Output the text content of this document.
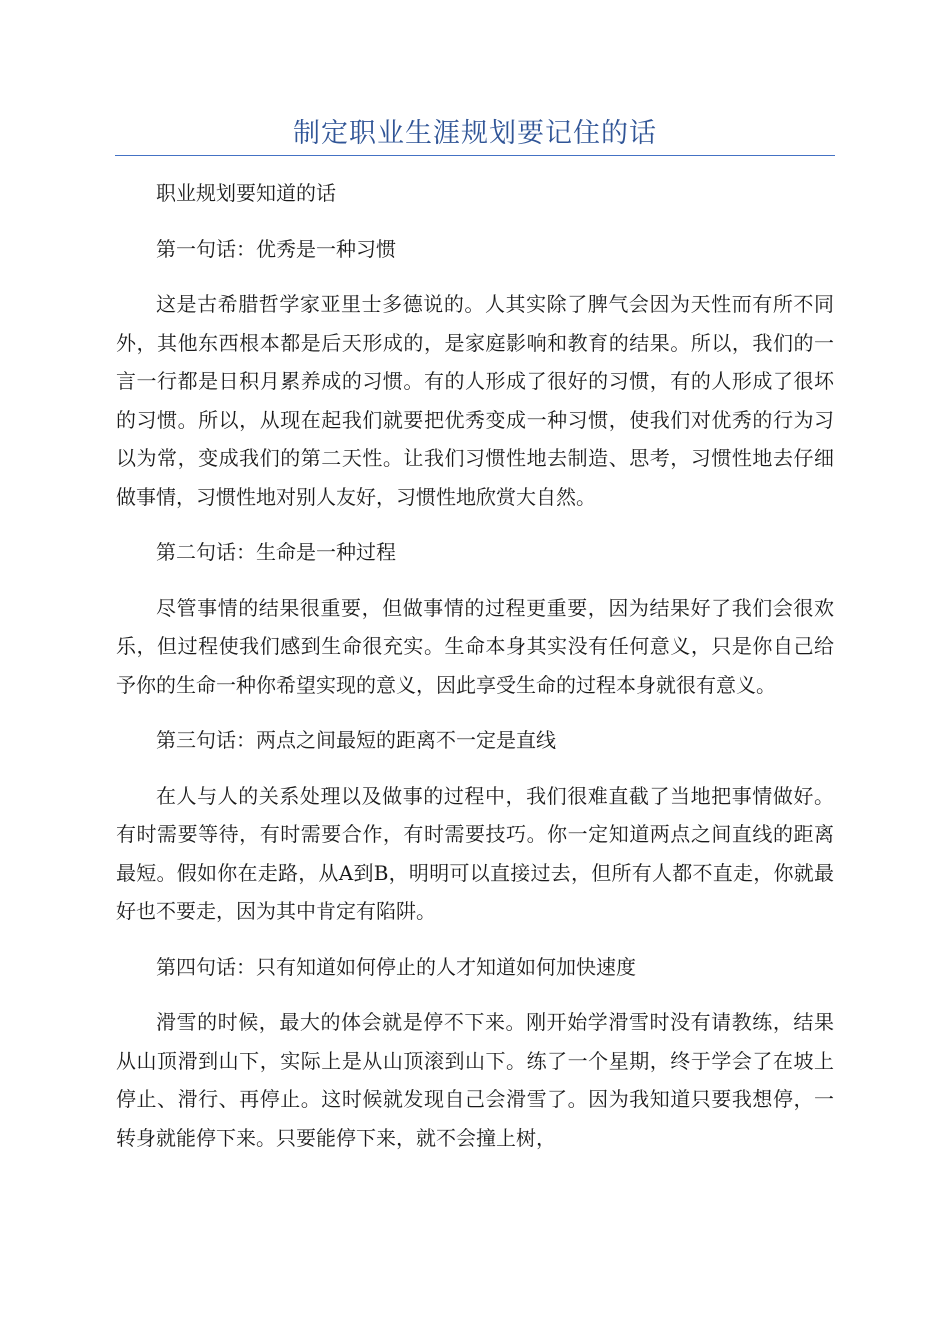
制定职业生涯规划要记住的话

职业规划要知道的话

第一句话：优秀是一种习惯

这是古希腊哲学家亚里士多德说的。人其实除了脾气会因为天性而有所不同外，其他东西根本都是后天形成的，是家庭影响和教育的结果。所以，我们的一言一行都是日积月累养成的习惯。有的人形成了很好的习惯，有的人形成了很坏的习惯。所以，从现在起我们就要把优秀变成一种习惯，使我们对优秀的行为习以为常，变成我们的第二天性。让我们习惯性地去制造、思考，习惯性地去仔细做事情，习惯性地对别人友好，习惯性地欣赏大自然。

第二句话：生命是一种过程

尽管事情的结果很重要，但做事情的过程更重要，因为结果好了我们会很欢乐，但过程使我们感到生命很充实。生命本身其实没有任何意义，只是你自己给予你的生命一种你希望实现的意义，因此享受生命的过程本身就很有意义。

第三句话：两点之间最短的距离不一定是直线

在人与人的关系处理以及做事的过程中，我们很难直截了当地把事情做好。有时需要等待，有时需要合作，有时需要技巧。你一定知道两点之间直线的距离最短。假如你在走路，从A到B，明明可以直接过去，但所有人都不直走，你就最好也不要走，因为其中肯定有陷阱。

第四句话：只有知道如何停止的人才知道如何加快速度

滑雪的时候，最大的体会就是停不下来。刚开始学滑雪时没有请教练，结果从山顶滑到山下，实际上是从山顶滚到山下。练了一个星期，终于学会了在坡上停止、滑行、再停止。这时候就发现自己会滑雪了。因为我知道只要我想停，一转身就能停下来。只要能停下来，就不会撞上树，
